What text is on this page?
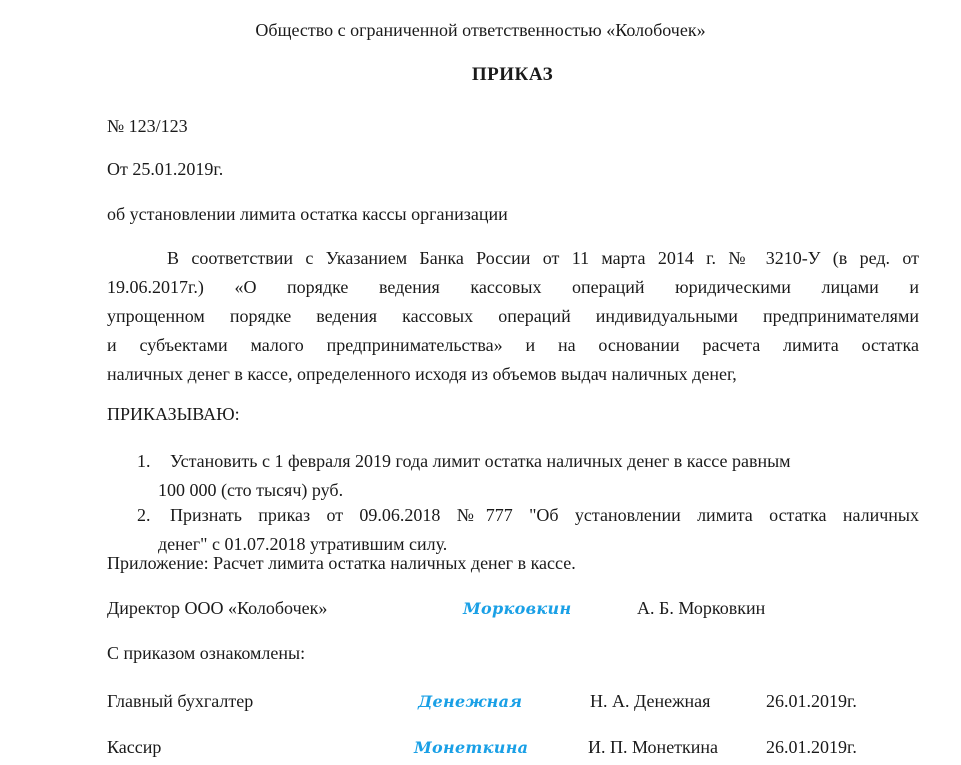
Общество с ограниченной ответственностью «Колобочек»
ПРИКАЗ
№ 123/123
От 25.01.2019г.
об установлении лимита остатка кассы организации
В соответствии с Указанием Банка России от 11 марта 2014 г. № 3210-У (в ред. от
19.06.2017г.) «О порядке ведения кассовых операций юридическими лицами и
упрощенном порядке ведения кассовых операций индивидуальными предпринимателями
и субъектами малого предпринимательства» и на основании расчета лимита остатка
наличных денег в кассе, определенного исходя из объемов выдач наличных денег,
ПРИКАЗЫВАЮ:
1. Установить с 1 февраля 2019 года лимит остатка наличных денег в кассе равным
100 000 (сто тысяч) руб.
2. Признать приказ от 09.06.2018 №777 "Об установлении лимита остатка наличных
денег" с 01.07.2018 утратившим силу.
Приложение: Расчет лимита остатка наличных денег в кассе.
Директор ООО «Колобочек»	Морковкин	А. Б. Морковкин
С приказом ознакомлены:
Главный бухгалтер	Денежная	Н. А. Денежная	26.01.2019г.
Кассир	Монеткина	И. П. Монеткина	26.01.2019г.
